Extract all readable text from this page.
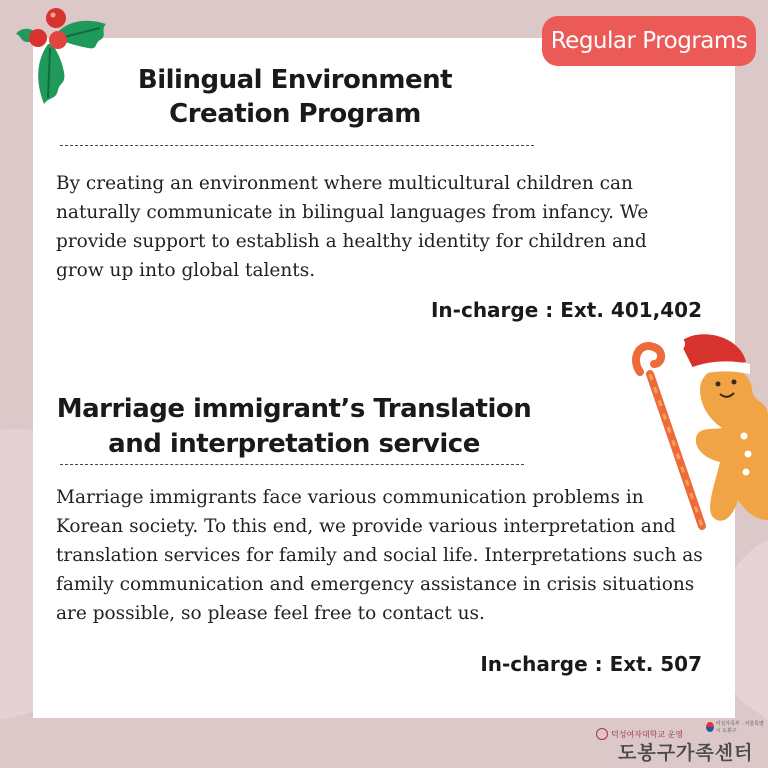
Regular Programs
Bilingual Environment
Creation Program

By creating an environment where multicultural children can naturally communicate in bilingual languages from infancy. We provide support to establish a healthy identity for children and grow up into global talents.

In-charge : Ext. 401,402
Marriage immigrant’s Translation
and interpretation service

Marriage immigrants face various communication problems in Korean society. To this end, we provide various interpretation and translation services for family and social life. Interpretations such as family communication and emergency assistance in crisis situations are possible, so please feel free to contact us.

In-charge : Ext. 507
덕성여자대학교 운영
여성가족부 · 서울특별시 도봉구
도봉구가족센터
